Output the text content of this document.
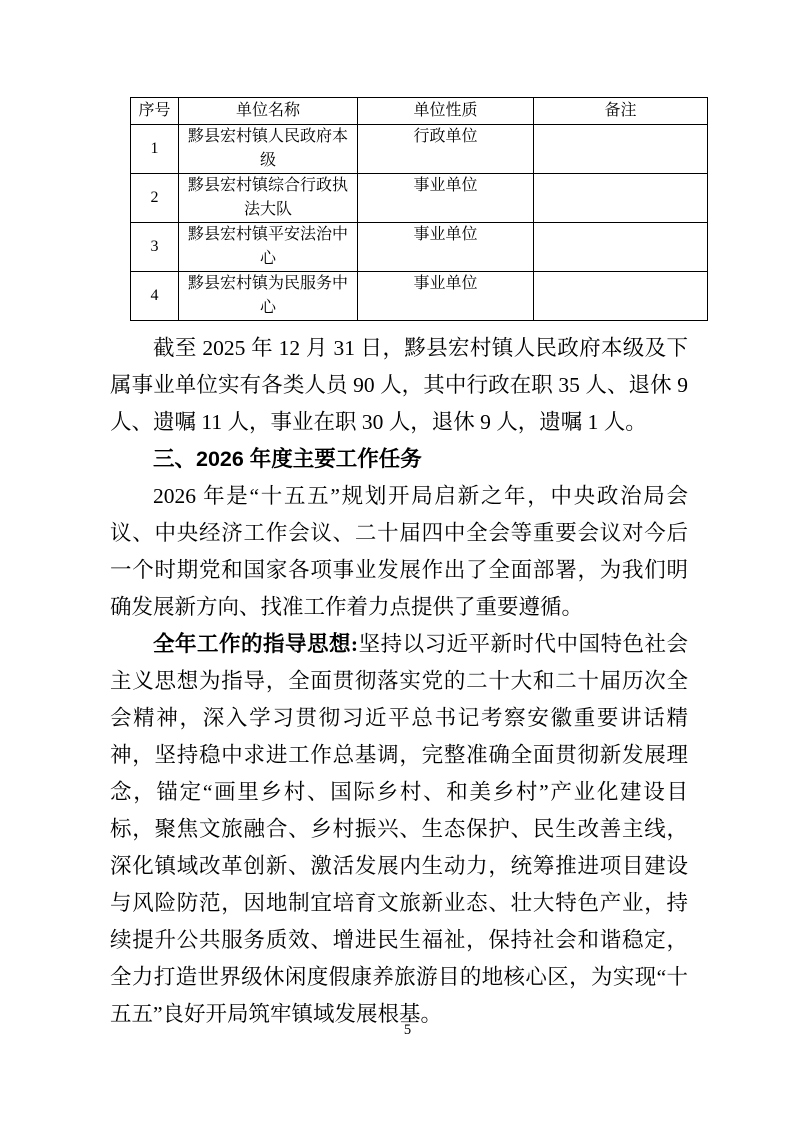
序号	单位名称	单位性质	备注
1	黟县宏村镇人民政府本级	行政单位	
2	黟县宏村镇综合行政执法大队	事业单位	
3	黟县宏村镇平安法治中心	事业单位	
4	黟县宏村镇为民服务中心	事业单位	

截至 2025 年 12 月 31 日，黟县宏村镇人民政府本级及下属事业单位实有各类人员 90 人，其中行政在职 35 人、退休 9 人、遗嘱 11 人，事业在职 30 人，退休 9 人，遗嘱 1 人。

三、2026 年度主要工作任务

2026 年是“十五五”规划开局启新之年，中央政治局会议、中央经济工作会议、二十届四中全会等重要会议对今后一个时期党和国家各项事业发展作出了全面部署，为我们明确发展新方向、找准工作着力点提供了重要遵循。

全年工作的指导思想:坚持以习近平新时代中国特色社会主义思想为指导，全面贯彻落实党的二十大和二十届历次全会精神，深入学习贯彻习近平总书记考察安徽重要讲话精神，坚持稳中求进工作总基调，完整准确全面贯彻新发展理念，锚定“画里乡村、国际乡村、和美乡村”产业化建设目标，聚焦文旅融合、乡村振兴、生态保护、民生改善主线，深化镇域改革创新、激活发展内生动力，统筹推进项目建设与风险防范，因地制宜培育文旅新业态、壮大特色产业，持续提升公共服务质效、增进民生福祉，保持社会和谐稳定，全力打造世界级休闲度假康养旅游目的地核心区，为实现“十五五”良好开局筑牢镇域发展根基。

5
